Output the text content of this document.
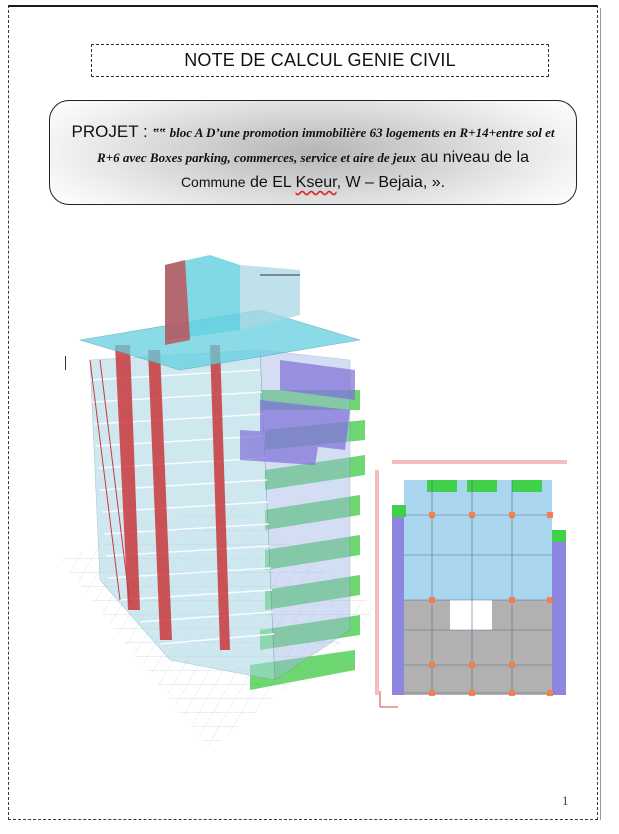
NOTE DE CALCUL GENIE CIVIL
PROJET : ‟‟ bloc A D’une promotion immobilière 63 logements en R+14+entre sol et R+6 avec Boxes parking, commerces, service et aire de jeux au niveau de la Commune de EL Kseur, W – Bejaia, ».
1
